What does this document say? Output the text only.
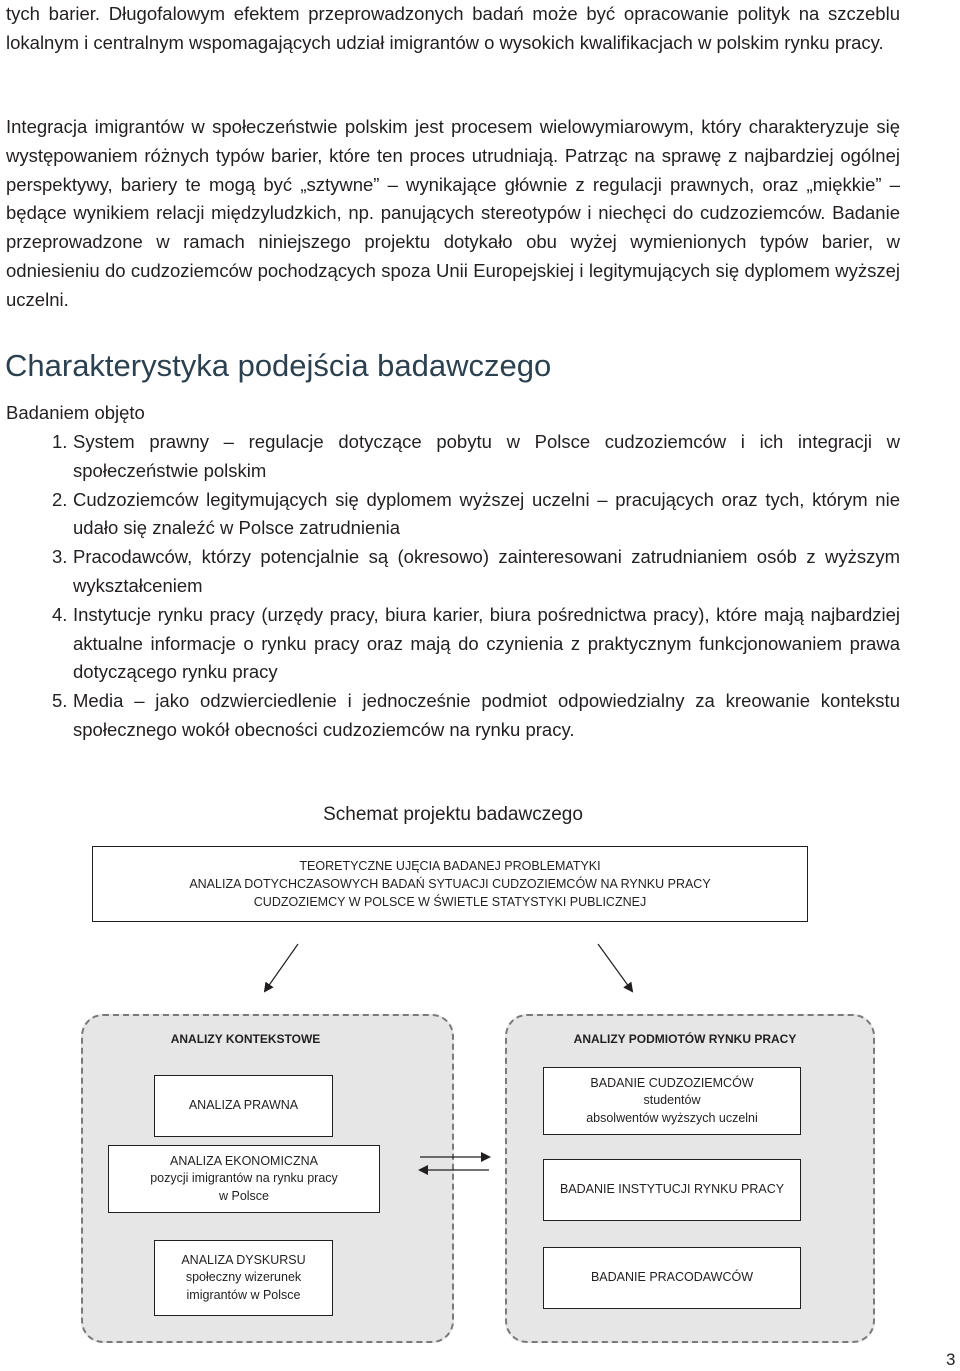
tych barier. Długofalowym efektem przeprowadzonych badań może być opracowanie polityk na szczeblu lokalnym i centralnym wspomagających udział imigrantów o wysokich kwalifikacjach w polskim rynku pracy.
Integracja imigrantów w społeczeństwie polskim jest procesem wielowymiarowym, który charakteryzuje się występowaniem różnych typów barier, które ten proces utrudniają. Patrząc na sprawę z najbardziej ogólnej perspektywy, bariery te mogą być „sztywne” – wynikające głównie z regulacji prawnych, oraz „miękkie” – będące wynikiem relacji międzyludzkich, np. panujących stereotypów i niechęci do cudzoziemców. Badanie przeprowadzone w ramach niniejszego projektu dotykało obu wyżej wymienionych typów barier, w odniesieniu do cudzoziemców pochodzących spoza Unii Europejskiej i legitymujących się dyplomem wyższej uczelni.
Charakterystyka podejścia badawczego
Badaniem objęto
1. System prawny – regulacje dotyczące pobytu w Polsce cudzoziemców i ich integracji w społeczeństwie polskim
2. Cudzoziemców legitymujących się dyplomem wyższej uczelni – pracujących oraz tych, którym nie udało się znaleźć w Polsce zatrudnienia
3. Pracodawców, którzy potencjalnie są (okresowo) zainteresowani zatrudnianiem osób z wyższym wykształceniem
4. Instytucje rynku pracy (urzędy pracy, biura karier, biura pośrednictwa pracy), które mają najbardziej aktualne informacje o rynku pracy oraz mają do czynienia z praktycznym funkcjonowaniem prawa dotyczącego rynku pracy
5. Media – jako odzwierciedlenie i jednocześnie podmiot odpowiedzialny za kreowanie kontekstu społecznego wokół obecności cudzoziemców na rynku pracy.
Schemat projektu badawczego
TEORETYCZNE UJĘCIA BADANEJ PROBLEMATYKI
ANALIZA DOTYCHCZASOWYCH BADAŃ SYTUACJI CUDZOZIEMCÓW NA RYNKU PRACY
CUDZOZIEMCY W POLSCE W ŚWIETLE STATYSTYKI PUBLICZNEJ
ANALIZY KONTEKSTOWE	ANALIZY PODMIOTÓW RYNKU PRACY
ANALIZA PRAWNA
ANALIZA EKONOMICZNA
pozycji imigrantów na rynku pracy
w Polsce
ANALIZA DYSKURSU
społeczny wizerunek
imigrantów w Polsce
BADANIE CUDZOZIEMCÓW
studentów
absolwentów wyższych uczelni
BADANIE INSTYTUCJI RYNKU PRACY
BADANIE PRACODAWCÓW
3
